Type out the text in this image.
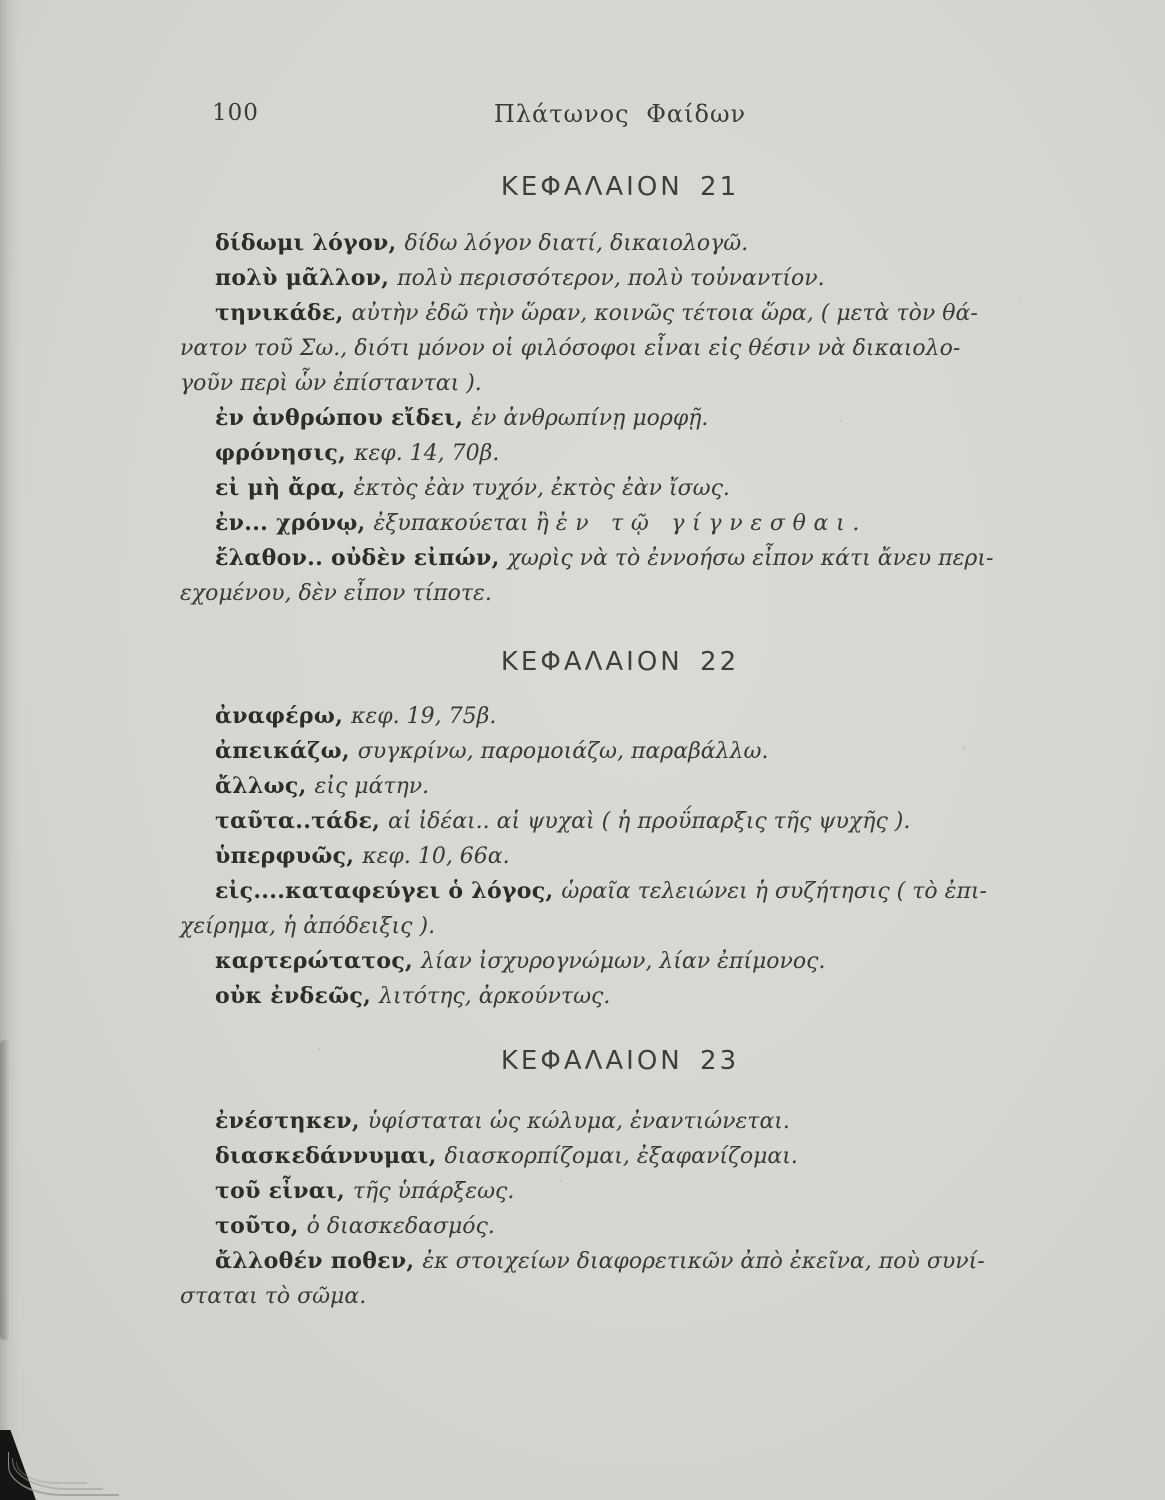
100	Πλάτωνος Φαίδων
ΚΕΦΑΛΑΙΟΝ 21

δίδωμι λόγον, δίδω λόγον διατί, δικαιολογῶ.

πολὺ μᾶλλον, πολὺ περισσότερον, πολὺ τοὐναντίον.

τηνικάδε, αὐτὴν ἐδῶ τὴν ὥραν, κοινῶς τέτοια ὥρα, ( μετὰ τὸν θά-
νατον τοῦ Σω., διότι μόνον οἱ φιλόσοφοι εἶναι εἰς θέσιν νὰ δικαιολο-
γοῦν περὶ ὧν ἐπίστανται ).

ἐν ἀνθρώπου εἴδει, ἐν ἀνθρωπίνῃ μορφῇ.

φρόνησις, κεφ. 14, 70β.

εἰ μὴ ἄρα, ἐκτὸς ἐὰν τυχόν, ἐκτὸς ἐὰν ἴσως.

ἐν... χρόνῳ, ἐξυπακούεται ἢ ἐν τῷ γίγνεσθαι.

ἔλαθον.. οὐδὲν εἰπών, χωρὶς νὰ τὸ ἐννοήσω εἶπον κάτι ἄνευ περι-
εχομένου, δὲν εἶπον τίποτε.

ΚΕΦΑΛΑΙΟΝ 22

ἀναφέρω, κεφ. 19, 75β.

ἀπεικάζω, συγκρίνω, παρομοιάζω, παραβάλλω.

ἄλλως, εἰς μάτην.

ταῦτα..τάδε, αἱ ἰδέαι.. αἱ ψυχαὶ ( ἡ προΰπαρξις τῆς ψυχῆς ).

ὑπερφυῶς, κεφ. 10, 66α.

εἰς....καταφεύγει ὁ λόγος, ὡραῖα τελειώνει ἡ συζήτησις ( τὸ ἐπι-
χείρημα, ἡ ἀπόδειξις ).

καρτερώτατος, λίαν ἰσχυρογνώμων, λίαν ἐπίμονος.

οὐκ ἐνδεῶς, λιτότης, ἀρκούντως.

ΚΕΦΑΛΑΙΟΝ 23

ἐνέστηκεν, ὑφίσταται ὡς κώλυμα, ἐναντιώνεται.

διασκεδάννυμαι, διασκορπίζομαι, ἐξαφανίζομαι.

τοῦ εἶναι, τῆς ὑπάρξεως.

τοῦτο, ὁ διασκεδασμός.

ἄλλοθέν ποθεν, ἐκ στοιχείων διαφορετικῶν ἀπὸ ἐκεῖνα, ποὺ συνί-
σταται τὸ σῶμα.
